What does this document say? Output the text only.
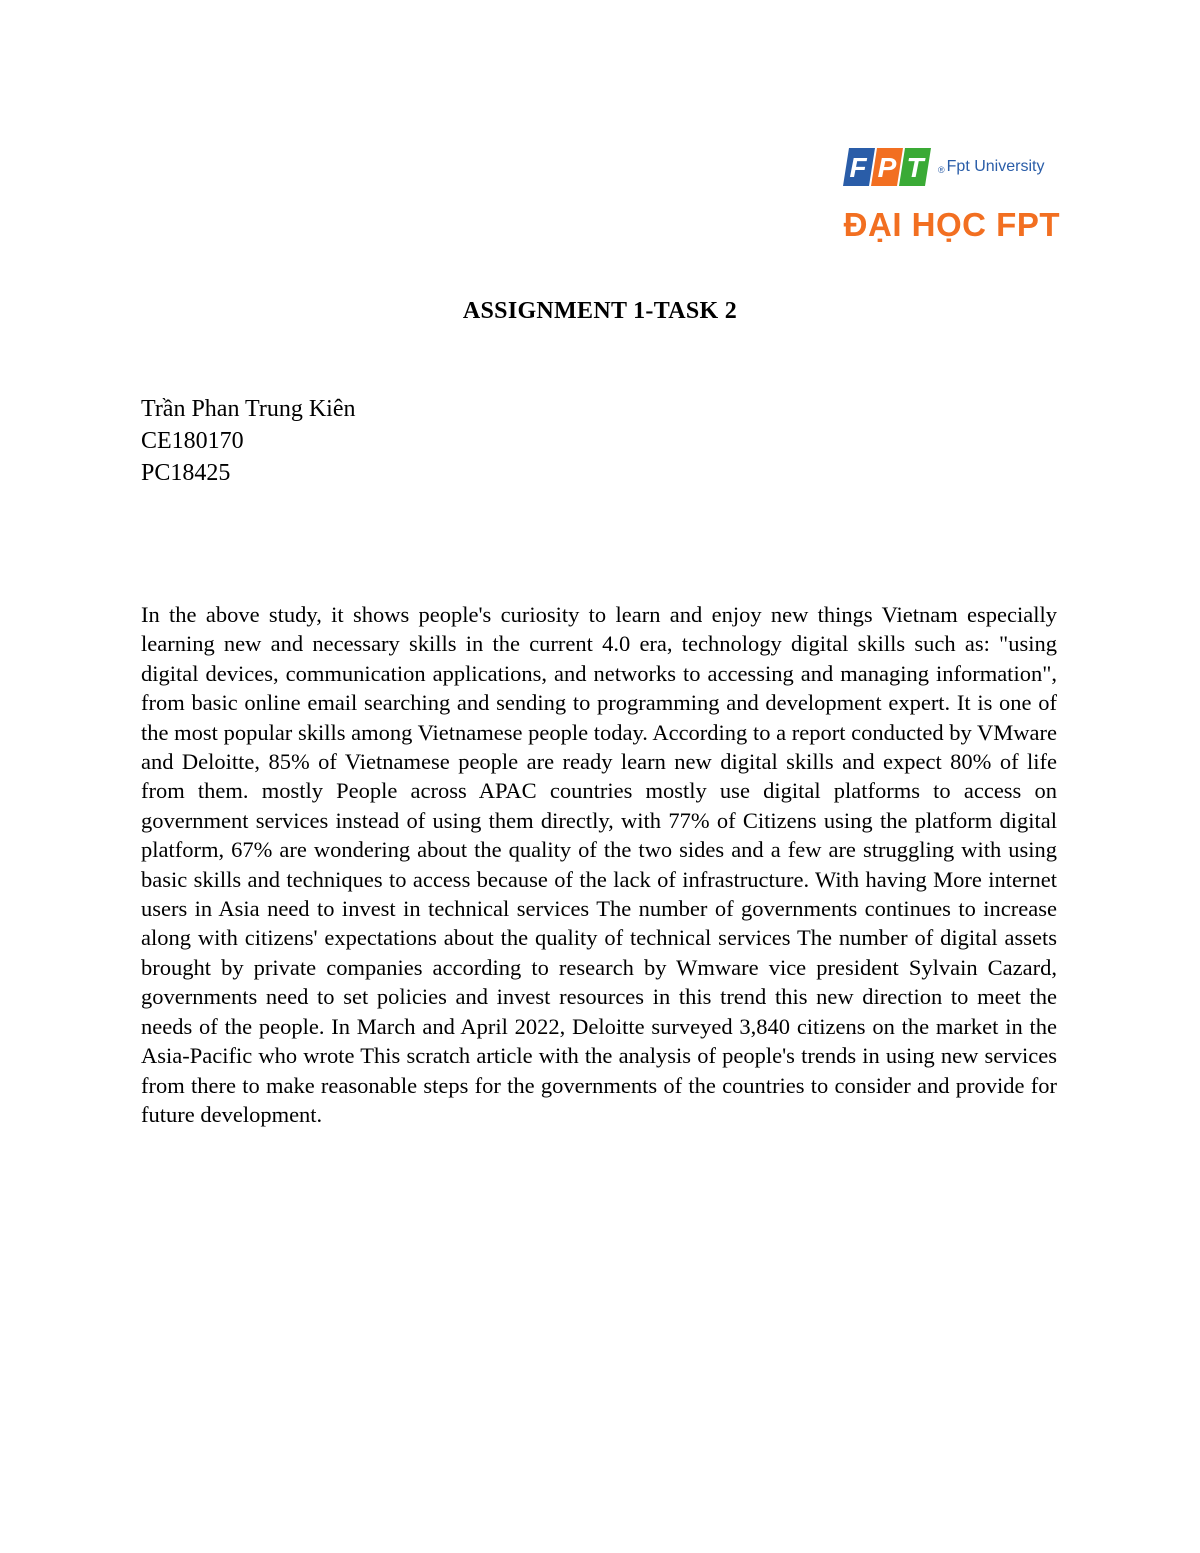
F P T	® Fpt University
ĐẠI HỌC FPT
ASSIGNMENT 1-TASK 2
Trần Phan Trung Kiên
CE180170
PC18425

In the above study, it shows people's curiosity to learn and enjoy new things Vietnam especially learning new and necessary skills in the current 4.0 era, technology digital skills such as: "using digital devices, communication applications, and networks to accessing and managing information", from basic online email searching and sending to programming and development expert. It is one of the most popular skills among Vietnamese people today. According to a report conducted by VMware and Deloitte, 85% of Vietnamese people are ready learn new digital skills and expect 80% of life from them. mostly People across APAC countries mostly use digital platforms to access on government services instead of using them directly, with 77% of Citizens using the platform digital platform, 67% are wondering about the quality of the two sides and a few are struggling with using basic skills and techniques to access because of the lack of infrastructure. With having More internet users in Asia need to invest in technical services The number of governments continues to increase along with citizens' expectations about the quality of technical services The number of digital assets brought by private companies according to research by Wmware vice president Sylvain Cazard, governments need to set policies and invest resources in this trend this new direction to meet the needs of the people. In March and April 2022, Deloitte surveyed 3,840 citizens on the market in the Asia-Pacific who wrote This scratch article with the analysis of people's trends in using new services from there to make reasonable steps for the governments of the countries to consider and provide for future development.
